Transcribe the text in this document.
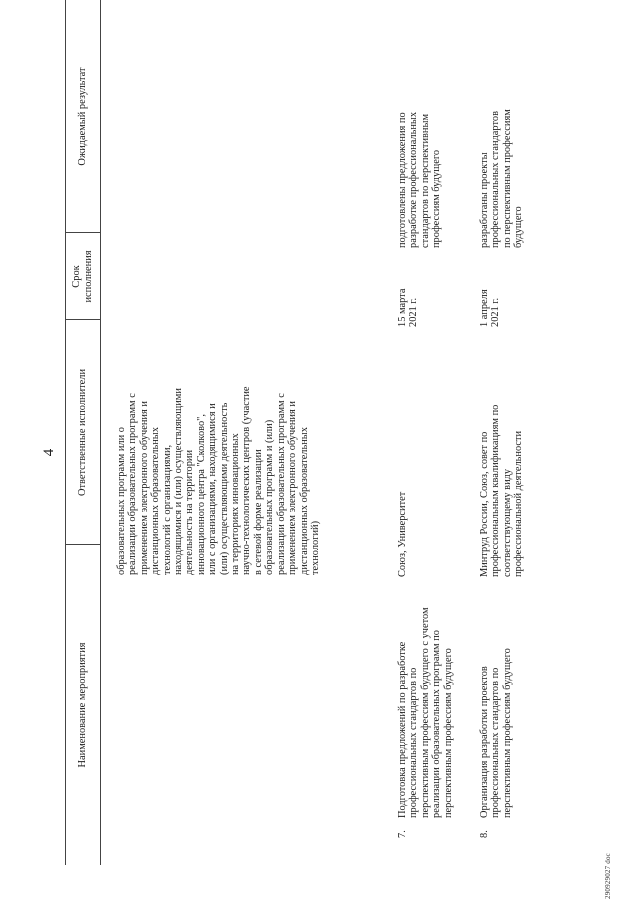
4
Наименование мероприятия
Ответственные исполнители
Срок
исполнения
Ожидаемый результат
образовательных программ или о
реализации образовательных программ с
применением электронного обучения и
дистанционных образовательных
технологий с организациями,
находящимися и (или) осуществляющими
деятельность на территории
инновационного центра "Сколково",
или с организациями, находящимися и
(или) осуществляющими деятельность
на территориях инновационных
научно-технологических центров (участие
в сетевой форме реализации
образовательных программ и (или)
реализации образовательных программ с
применением электронного обучения и
дистанционных образовательных
технологий)
7.
Подготовка предложений по разработке
профессиональных стандартов по
перспективным профессиям будущего с учетом
реализации образовательных программ по
перспективным профессиям будущего
Союз, Университет
15 марта
2021 г.
подготовлены предложения по
разработке профессиональных
стандартов по перспективным
профессиям будущего
8.
Организация разработки проектов
профессиональных стандартов по
перспективным профессиям будущего
Минтруд России, Союз, совет по
профессиональным квалификациям по
соответствующему виду
профессиональной деятельности
1 апреля
2021 г.
разработаны проекты
профессиональных стандартов
по перспективным профессиям
будущего
290929027 doc
